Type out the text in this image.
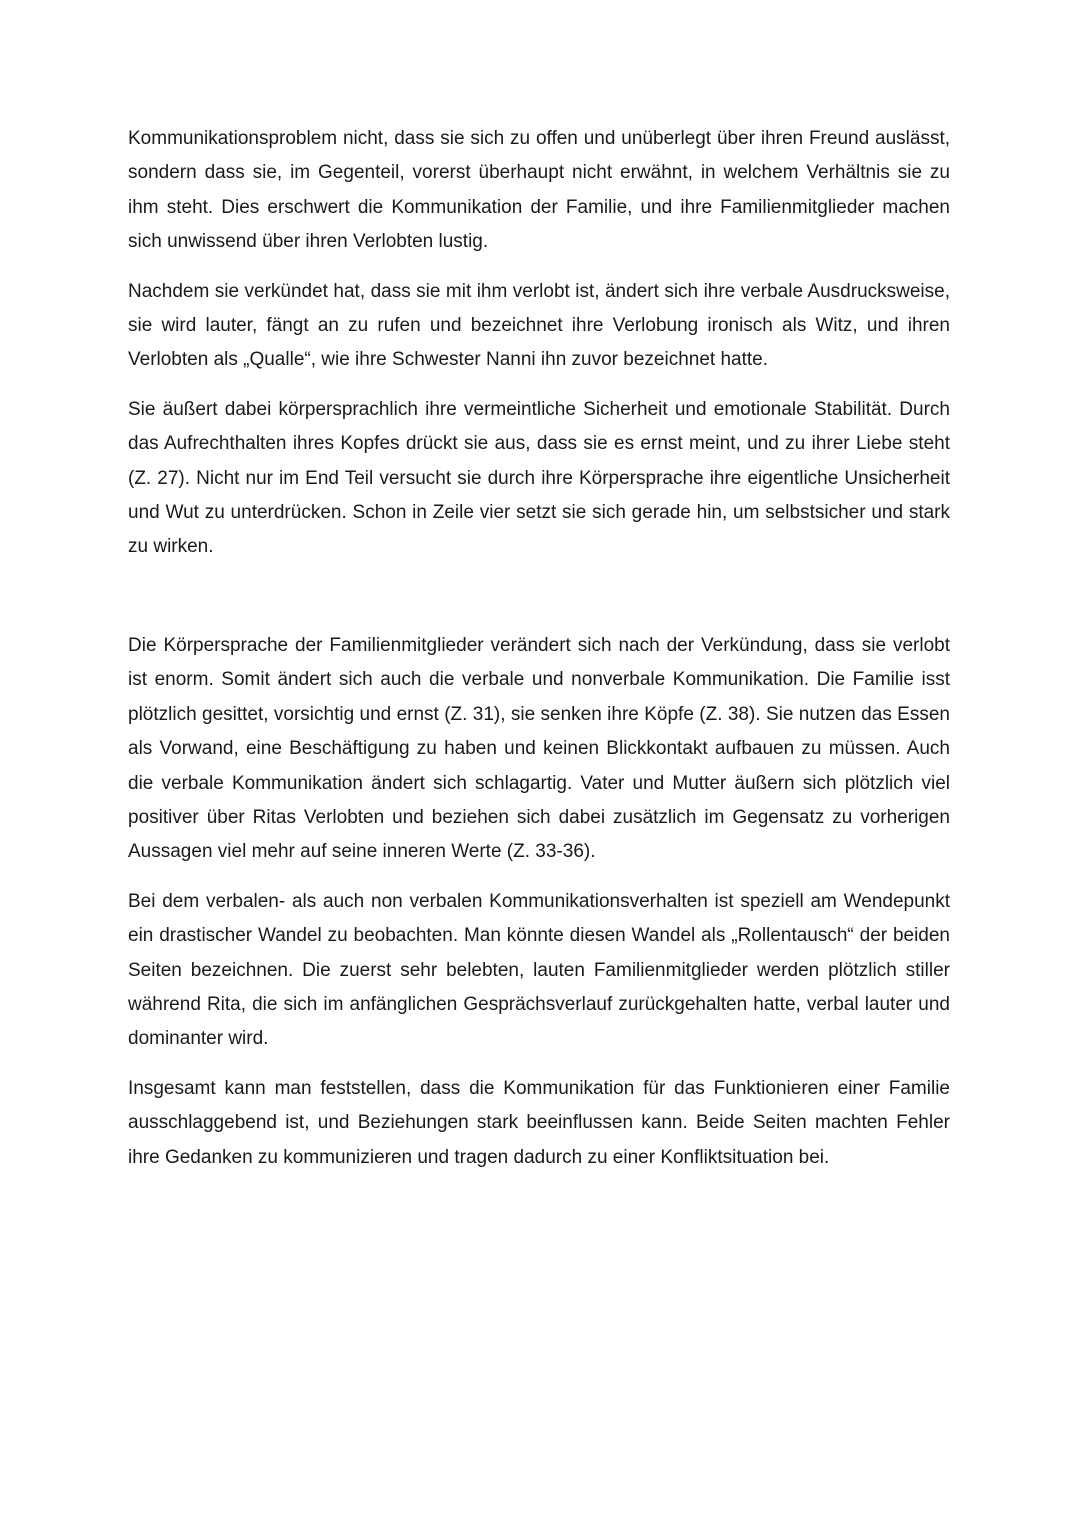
Kommunikationsproblem nicht, dass sie sich zu offen und unüberlegt über ihren Freund auslässt, sondern dass sie, im Gegenteil, vorerst überhaupt nicht erwähnt, in welchem Verhältnis sie zu ihm steht. Dies erschwert die Kommunikation der Familie, und ihre Familienmitglieder machen sich unwissend über ihren Verlobten lustig.

Nachdem sie verkündet hat, dass sie mit ihm verlobt ist, ändert sich ihre verbale Ausdrucksweise, sie wird lauter, fängt an zu rufen und bezeichnet ihre Verlobung ironisch als Witz, und ihren Verlobten als „Qualle“, wie ihre Schwester Nanni ihn zuvor bezeichnet hatte.

Sie äußert dabei körpersprachlich ihre vermeintliche Sicherheit und emotionale Stabilität. Durch das Aufrechthalten ihres Kopfes drückt sie aus, dass sie es ernst meint, und zu ihrer Liebe steht (Z. 27). Nicht nur im End Teil versucht sie durch ihre Körpersprache ihre eigentliche Unsicherheit und Wut zu unterdrücken. Schon in Zeile vier setzt sie sich gerade hin, um selbstsicher und stark zu wirken.

Die Körpersprache der Familienmitglieder verändert sich nach der Verkündung, dass sie verlobt ist enorm. Somit ändert sich auch die verbale und nonverbale Kommunikation. Die Familie isst plötzlich gesittet, vorsichtig und ernst (Z. 31), sie senken ihre Köpfe (Z. 38). Sie nutzen das Essen als Vorwand, eine Beschäftigung zu haben und keinen Blickkontakt aufbauen zu müssen. Auch die verbale Kommunikation ändert sich schlagartig. Vater und Mutter äußern sich plötzlich viel positiver über Ritas Verlobten und beziehen sich dabei zusätzlich im Gegensatz zu vorherigen Aussagen viel mehr auf seine inneren Werte (Z. 33-36).

Bei dem verbalen- als auch non verbalen Kommunikationsverhalten ist speziell am Wendepunkt ein drastischer Wandel zu beobachten. Man könnte diesen Wandel als „Rollentausch“ der beiden Seiten bezeichnen. Die zuerst sehr belebten, lauten Familienmitglieder werden plötzlich stiller während Rita, die sich im anfänglichen Gesprächsverlauf zurückgehalten hatte, verbal lauter und dominanter wird.

Insgesamt kann man feststellen, dass die Kommunikation für das Funktionieren einer Familie ausschlaggebend ist, und Beziehungen stark beeinflussen kann. Beide Seiten machten Fehler ihre Gedanken zu kommunizieren und tragen dadurch zu einer Konfliktsituation bei.
